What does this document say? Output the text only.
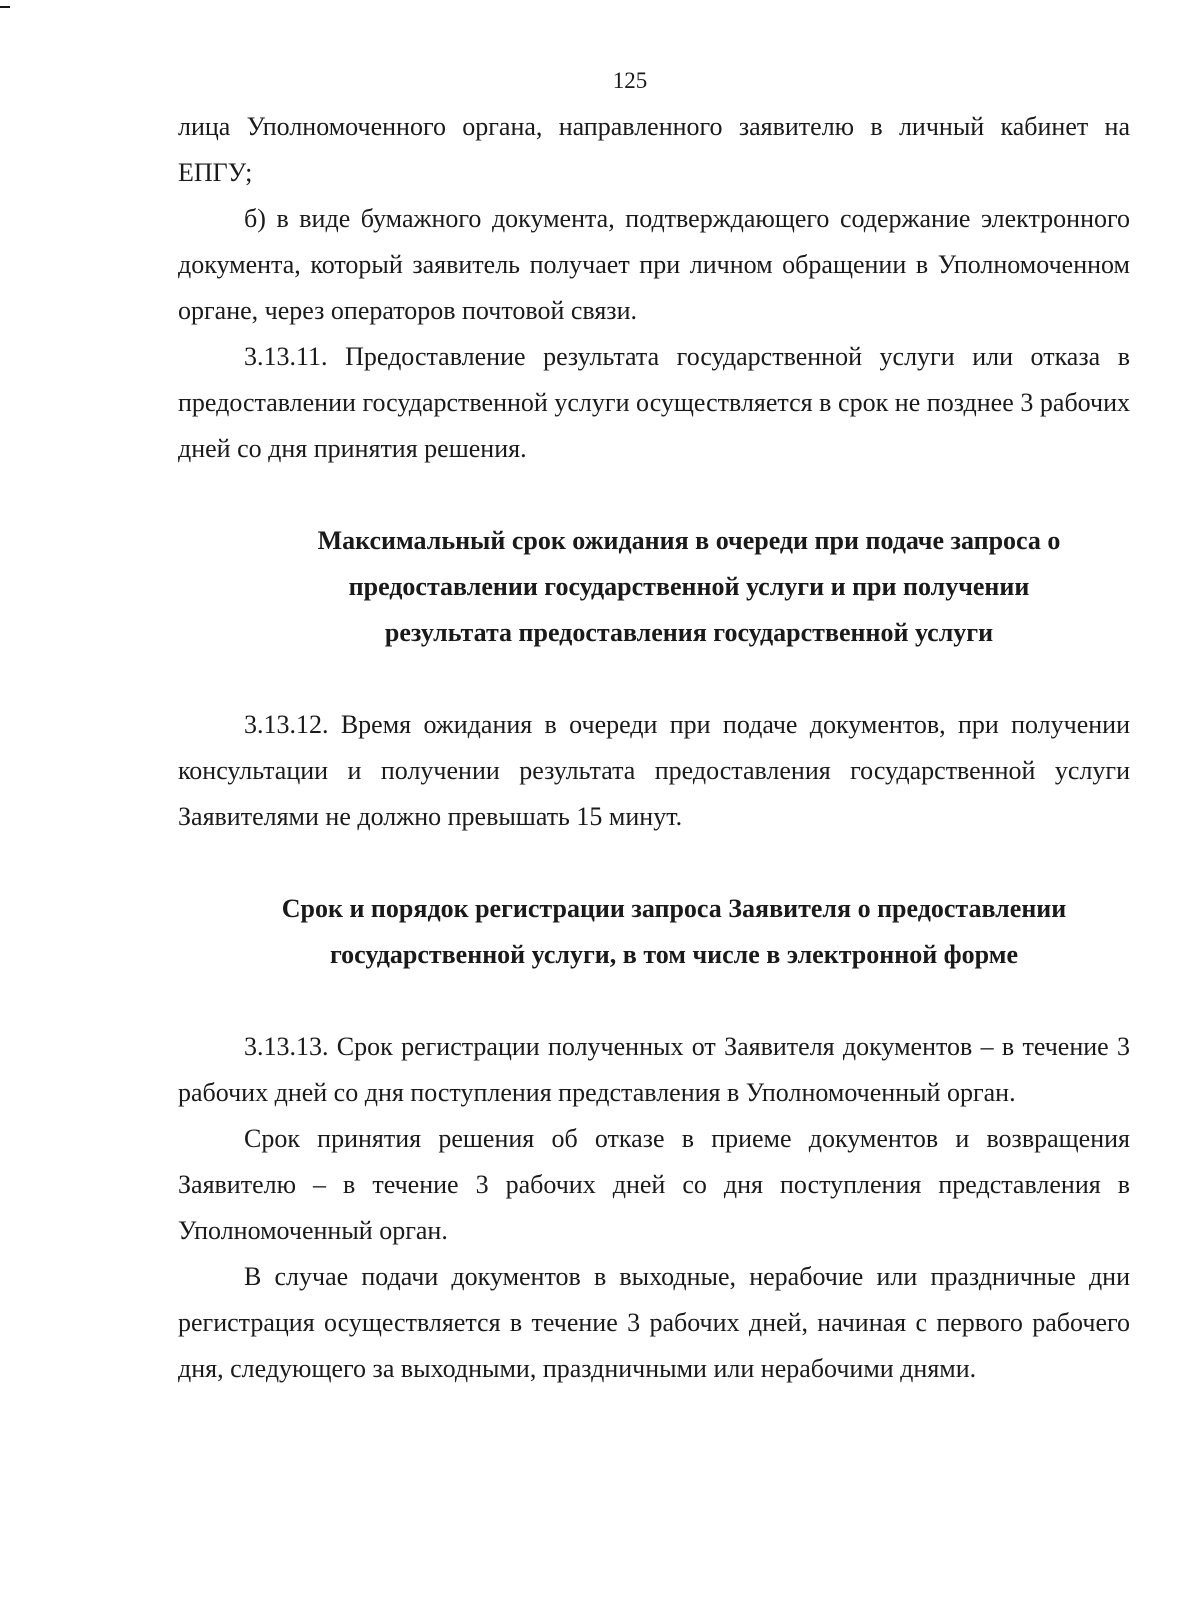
125

лица Уполномоченного органа, направленного заявителю в личный кабинет на ЕПГУ;

б) в виде бумажного документа, подтверждающего содержание электронного документа, который заявитель получает при личном обращении в Уполномоченном органе, через операторов почтовой связи.

3.13.11. Предоставление результата государственной услуги или отказа в предоставлении государственной услуги осуществляется в срок не позднее 3 рабочих дней со дня принятия решения.

Максимальный срок ожидания в очереди при подаче запроса о предоставлении государственной услуги и при получении результата предоставления государственной услуги

3.13.12. Время ожидания в очереди при подаче документов, при получении консультации и получении результата предоставления государственной услуги Заявителями не должно превышать 15 минут.

Срок и порядок регистрации запроса Заявителя о предоставлении государственной услуги, в том числе в электронной форме

3.13.13. Срок регистрации полученных от Заявителя документов – в течение 3 рабочих дней со дня поступления представления в Уполномоченный орган.

Срок принятия решения об отказе в приеме документов и возвращения Заявителю – в течение 3 рабочих дней со дня поступления представления в Уполномоченный орган.

В случае подачи документов в выходные, нерабочие или праздничные дни регистрация осуществляется в течение 3 рабочих дней, начиная с первого рабочего дня, следующего за выходными, праздничными или нерабочими днями.
